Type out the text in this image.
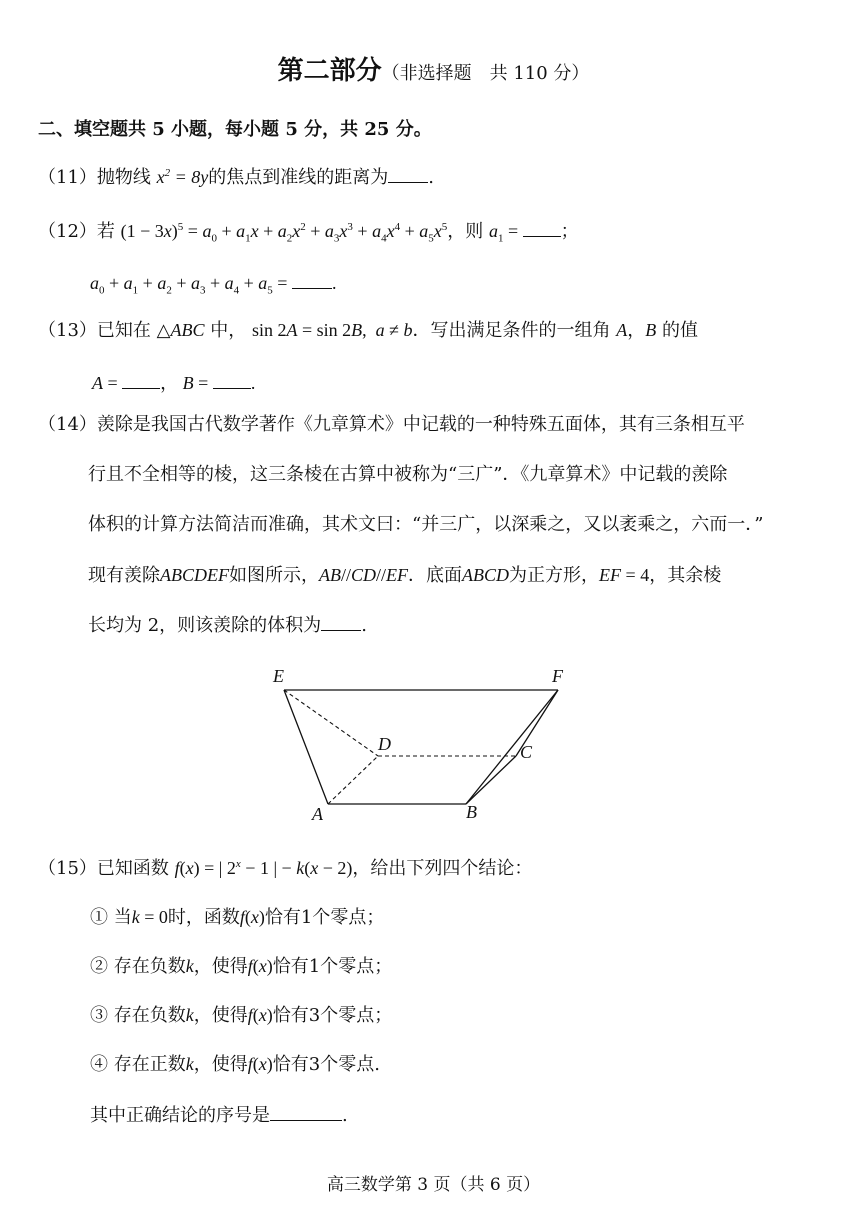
第二部分（非选择题　共 110 分）
二、填空题共 5 小题，每小题 5 分，共 25 分。
（11）抛物线 $x^2 = 8y$的焦点到准线的距离为 .
（12）若 $(1 - 3x)^5 = a_0 + a_1x + a_2x^2 + a_3x^3 + a_4x^4 + a_5x^5$，则 $a_1$ = ；
$a_0 + a_1 + a_2 + a_3 + a_4 + a_5$ = .
（13）已知在 △ABC 中， sin 2A = sin 2B,  a ≠ b．写出满足条件的一组角 A，B 的值
A = ， B = .
（14）羡除是我国古代数学著作《九章算术》中记载的一种特殊五面体，其有三条相互平
行且不全相等的棱，这三条棱在古算中被称为“三广”．《九章算术》中记载的羡除
体积的计算方法简洁而准确，其术文曰：“并三广，以深乘之，又以袤乘之，六而一．”
现有羡除ABCDEF如图所示，AB//CD//EF．底面ABCD为正方形，EF = 4，其余棱
长均为 2，则该羡除的体积为 .
E	F
D	C
A	B
（15）已知函数 f(x) = | $2^x - 1$ | − k(x − 2)，给出下列四个结论：
① 当k = 0时，函数f(x)恰有1个零点；
② 存在负数k，使得f(x)恰有1个零点；
③ 存在负数k，使得f(x)恰有3个零点；
④ 存在正数k，使得f(x)恰有3个零点.
其中正确结论的序号是	.
高三数学第 3 页（共 6 页）
